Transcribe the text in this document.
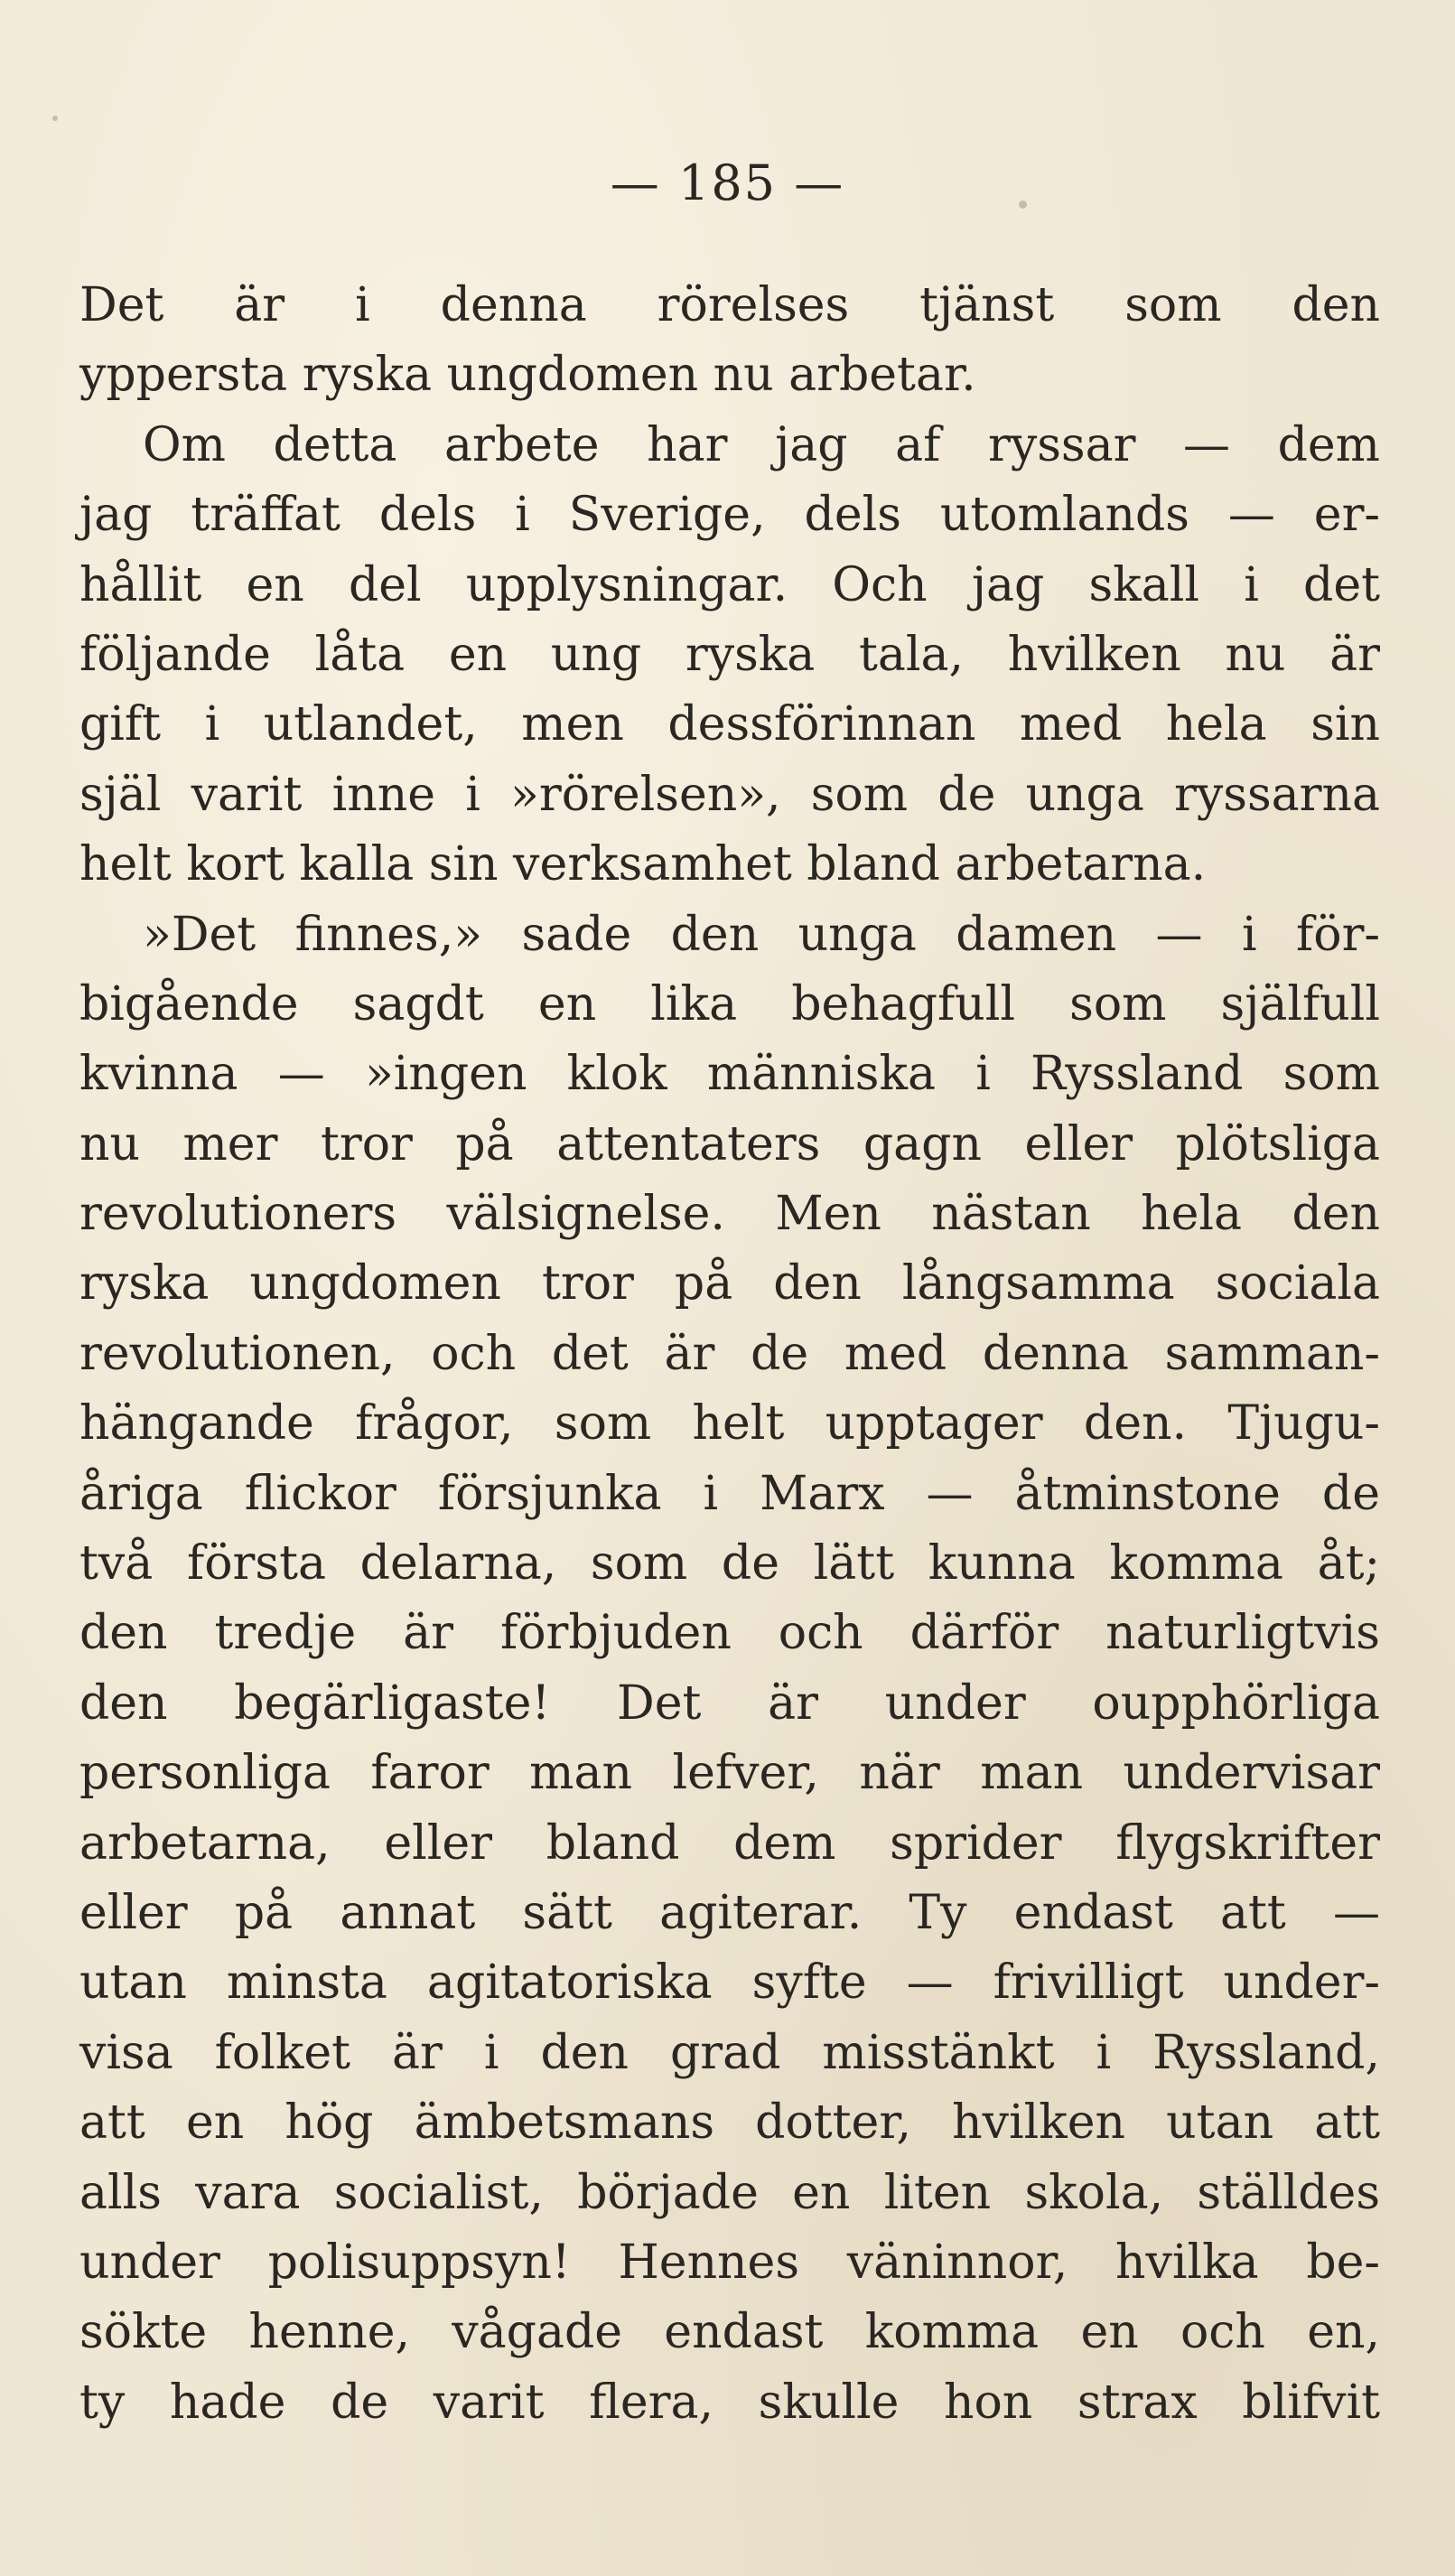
— 185 —
Det är i denna rörelses tjänst som den
yppersta ryska ungdomen nu arbetar.
Om detta arbete har jag af ryssar — dem
jag träffat dels i Sverige, dels utomlands — er-
hållit en del upplysningar. Och jag skall i det
följande låta en ung ryska tala, hvilken nu är
gift i utlandet, men dessförinnan med hela sin
själ varit inne i »rörelsen», som de unga ryssarna
helt kort kalla sin verksamhet bland arbetarna.
»Det finnes,» sade den unga damen — i för-
bigående sagdt en lika behagfull som själfull
kvinna — »ingen klok människa i Ryssland som
nu mer tror på attentaters gagn eller plötsliga
revolutioners välsignelse. Men nästan hela den
ryska ungdomen tror på den långsamma sociala
revolutionen, och det är de med denna samman-
hängande frågor, som helt upptager den. Tjugu-
åriga flickor försjunka i Marx — åtminstone de
två första delarna, som de lätt kunna komma åt;
den tredje är förbjuden och därför naturligtvis
den begärligaste! Det är under oupphörliga
personliga faror man lefver, när man undervisar
arbetarna, eller bland dem sprider flygskrifter
eller på annat sätt agiterar. Ty endast att —
utan minsta agitatoriska syfte — frivilligt under-
visa folket är i den grad misstänkt i Ryssland,
att en hög ämbetsmans dotter, hvilken utan att
alls vara socialist, började en liten skola, ställdes
under polisuppsyn! Hennes väninnor, hvilka be-
sökte henne, vågade endast komma en och en,
ty hade de varit flera, skulle hon strax blifvit
